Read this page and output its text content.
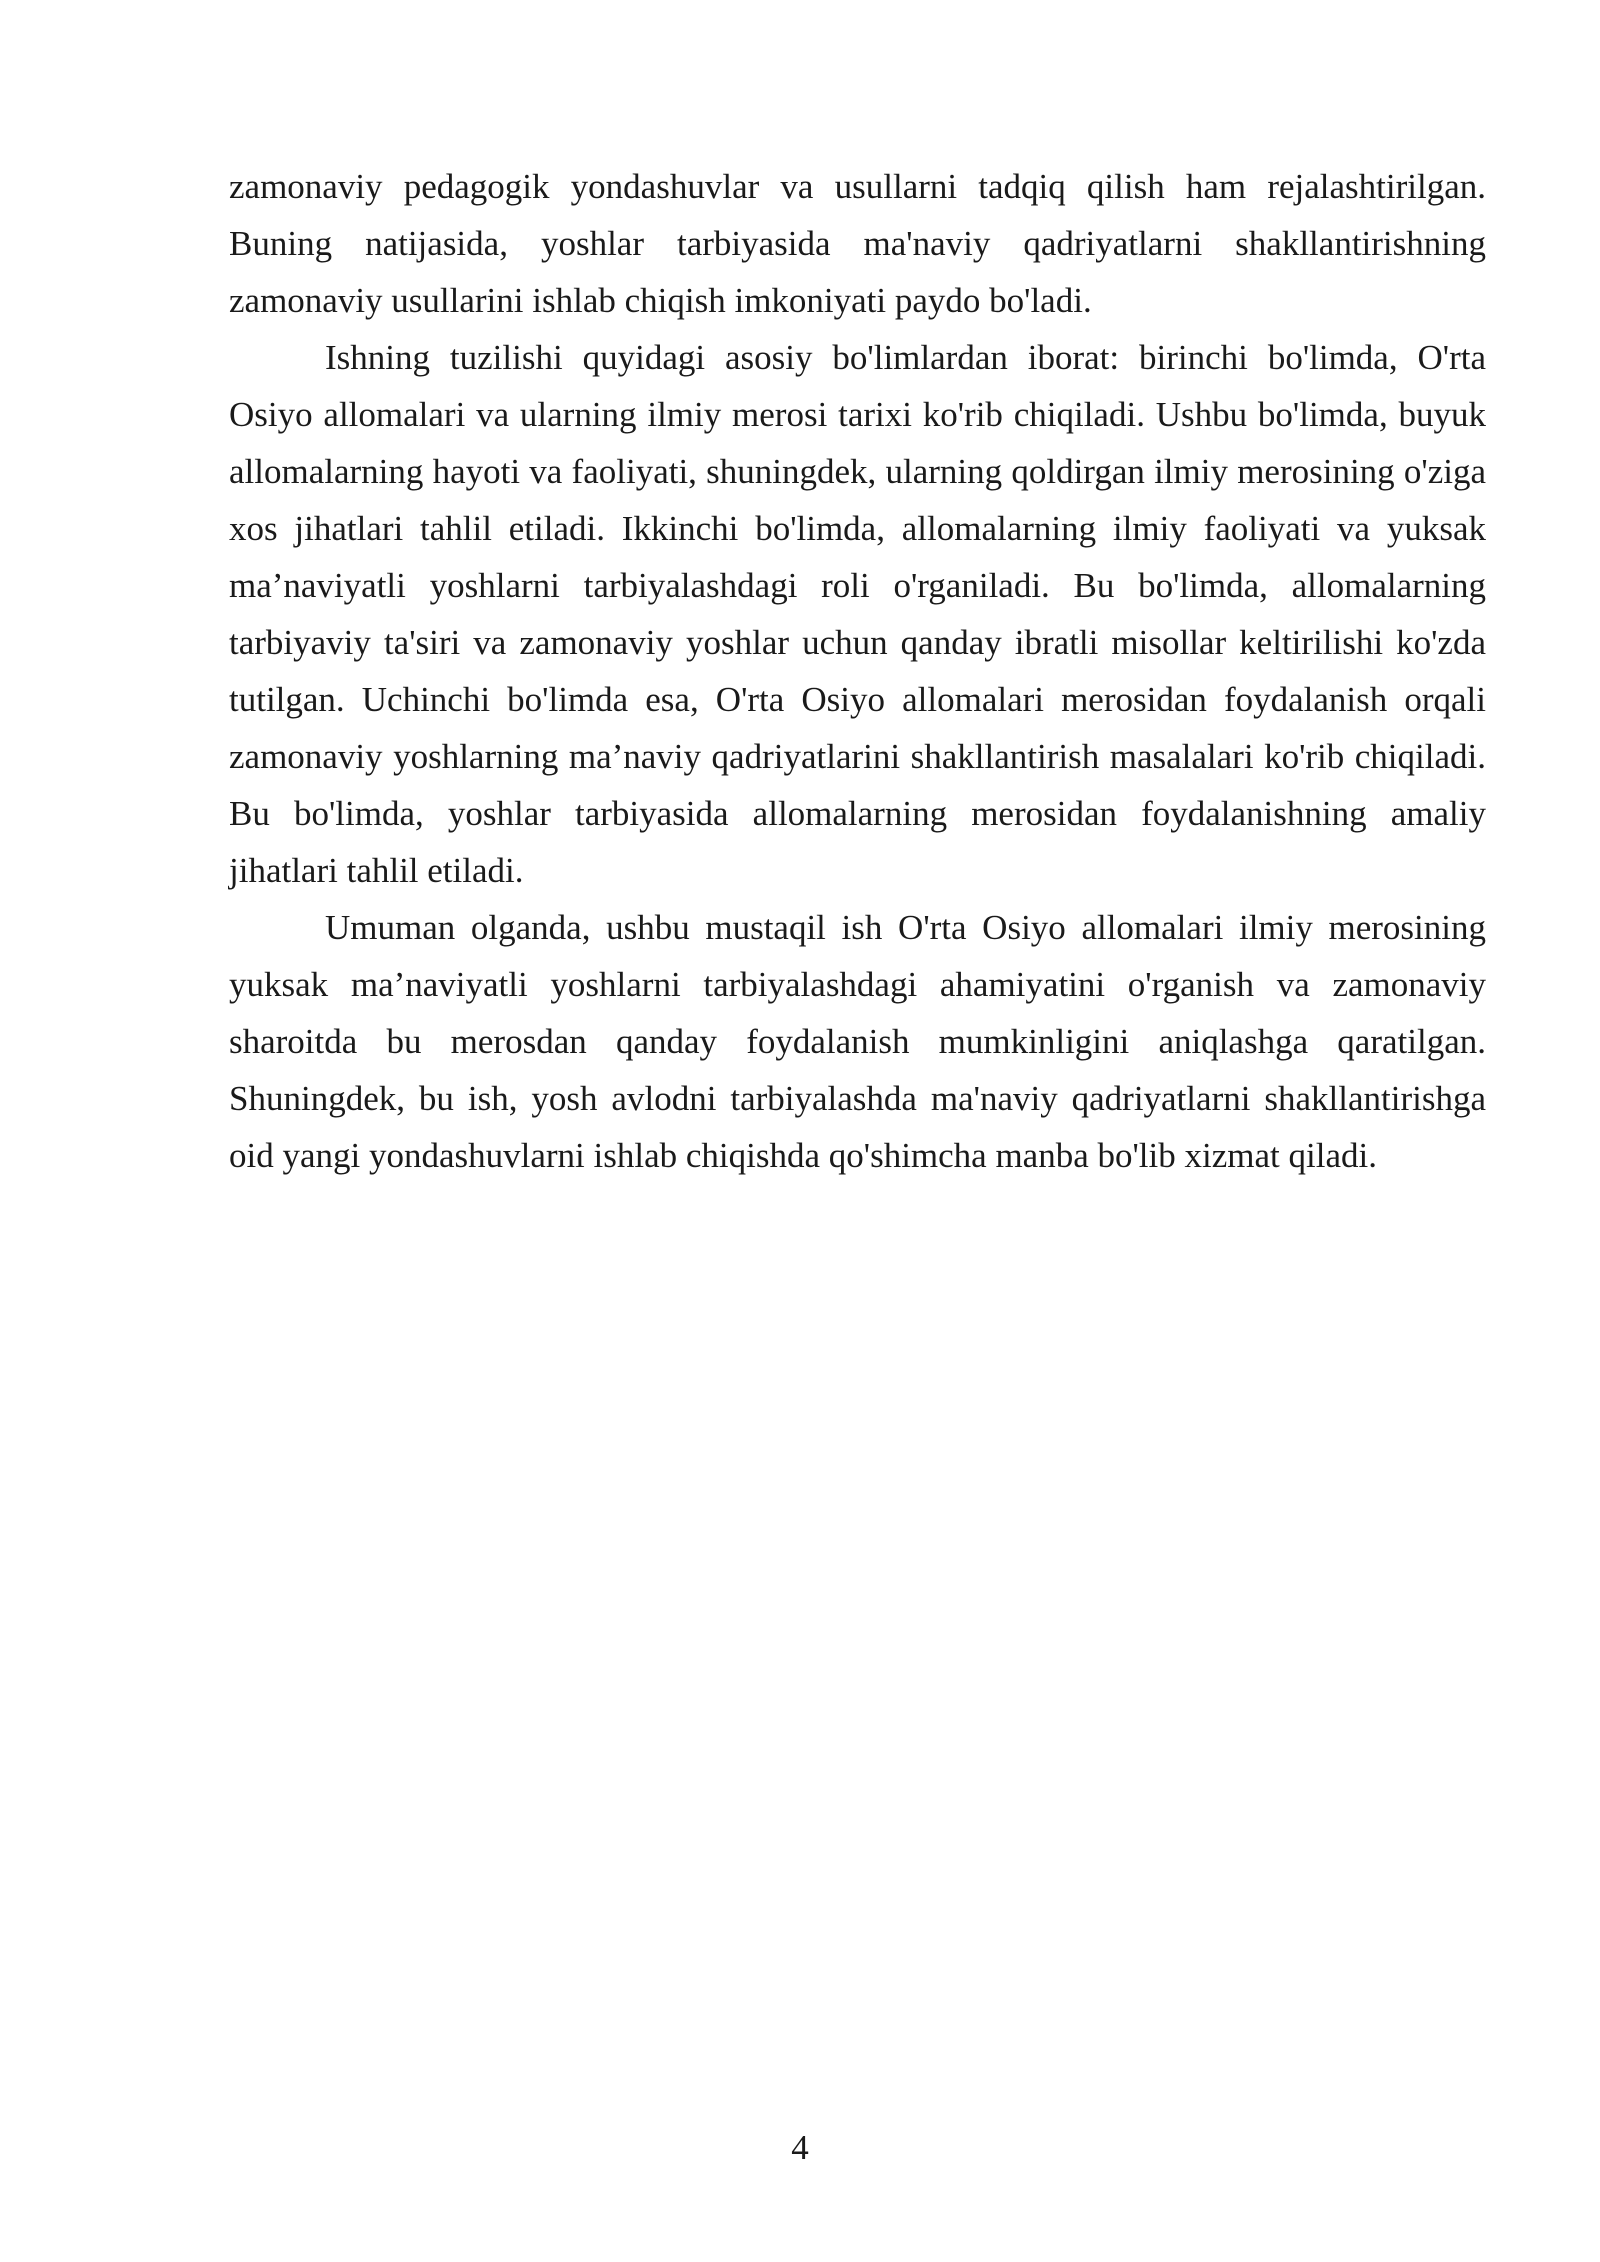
zamonaviy pedagogik yondashuvlar va usullarni tadqiq qilish ham rejalashtirilgan. Buning natijasida, yoshlar tarbiyasida ma'naviy qadriyatlarni shakllantirishning zamonaviy usullarini ishlab chiqish imkoniyati paydo bo'ladi.

Ishning tuzilishi quyidagi asosiy bo'limlardan iborat: birinchi bo'limda, O'rta Osiyo allomalari va ularning ilmiy merosi tarixi ko'rib chiqiladi. Ushbu bo'limda, buyuk allomalarning hayoti va faoliyati, shuningdek, ularning qoldirgan ilmiy merosining o'ziga xos jihatlari tahlil etiladi. Ikkinchi bo'limda, allomalarning ilmiy faoliyati va yuksak ma’naviyatli yoshlarni tarbiyalashdagi roli o'rganiladi. Bu bo'limda, allomalarning tarbiyaviy ta'siri va zamonaviy yoshlar uchun qanday ibratli misollar keltirilishi ko'zda tutilgan. Uchinchi bo'limda esa, O'rta Osiyo allomalari merosidan foydalanish orqali zamonaviy yoshlarning ma’naviy qadriyatlarini shakllantirish masalalari ko'rib chiqiladi. Bu bo'limda, yoshlar tarbiyasida allomalarning merosidan foydalanishning amaliy jihatlari tahlil etiladi.

Umuman olganda, ushbu mustaqil ish O'rta Osiyo allomalari ilmiy merosining yuksak ma’naviyatli yoshlarni tarbiyalashdagi ahamiyatini o'rganish va zamonaviy sharoitda bu merosdan qanday foydalanish mumkinligini aniqlashga qaratilgan. Shuningdek, bu ish, yosh avlodni tarbiyalashda ma'naviy qadriyatlarni shakllantirishga oid yangi yondashuvlarni ishlab chiqishda qo'shimcha manba bo'lib xizmat qiladi.

4
